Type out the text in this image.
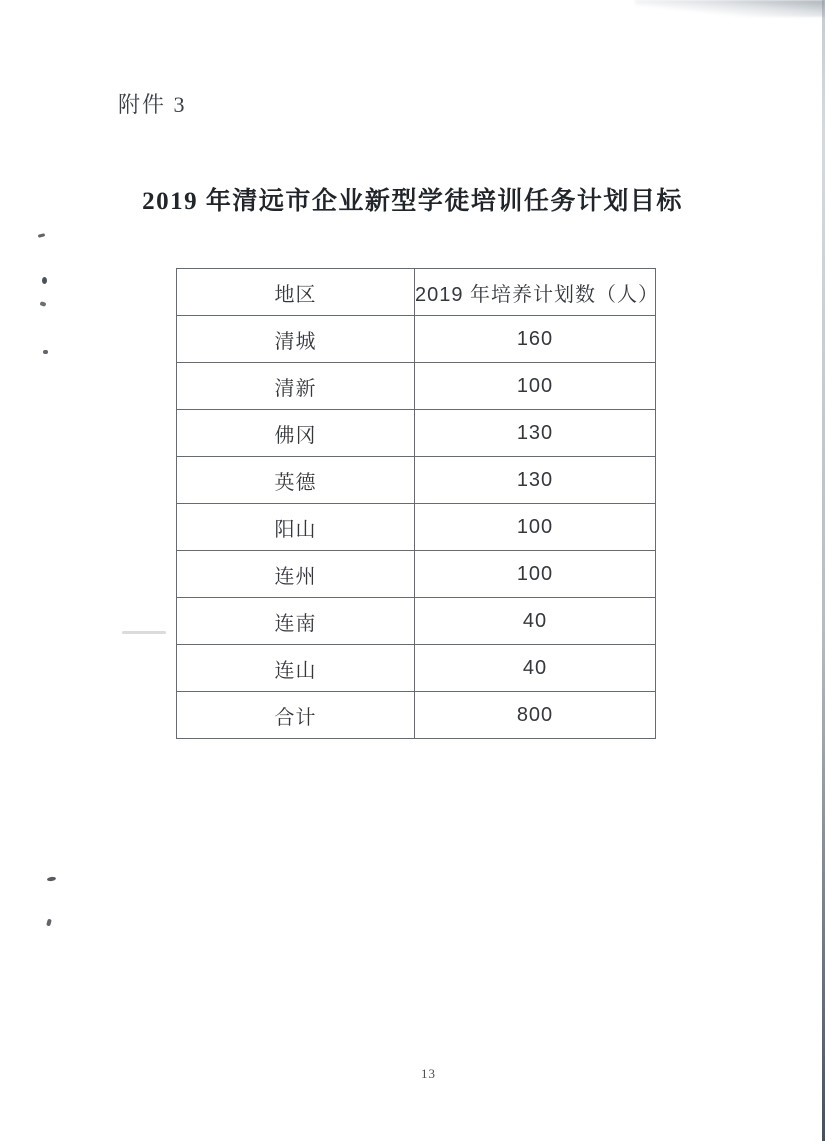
附件 3
2019 年清远市企业新型学徒培训任务计划目标
地区	2019 年培养计划数（人）
清城	160
清新	100
佛冈	130
英德	130
阳山	100
连州	100
连南	40
连山	40
合计	800
13
